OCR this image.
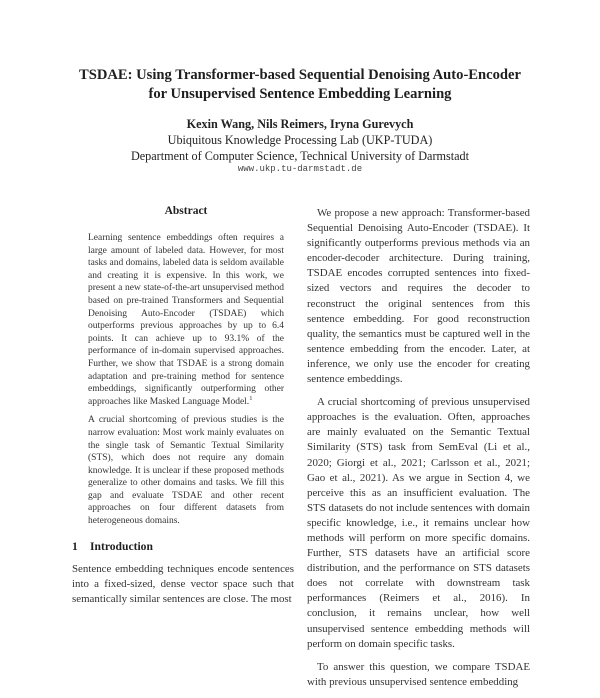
TSDAE: Using Transformer-based Sequential Denoising Auto-Encoder
for Unsupervised Sentence Embedding Learning
Kexin Wang, Nils Reimers, Iryna Gurevych
Ubiquitous Knowledge Processing Lab (UKP-TUDA)
Department of Computer Science, Technical University of Darmstadt
www.ukp.tu-darmstadt.de
Abstract

Learning sentence embeddings often requires a large amount of labeled data. However, for most tasks and domains, labeled data is seldom available and creating it is expensive. In this work, we present a new state-of-the-art unsupervised method based on pre-trained Transformers and Sequential Denoising Auto-Encoder (TSDAE) which outperforms previous approaches by up to 6.4 points. It can achieve up to 93.1% of the performance of in-domain supervised approaches. Further, we show that TSDAE is a strong domain adaptation and pre-training method for sentence embeddings, significantly outperforming other approaches like Masked Language Model.$^1$

A crucial shortcoming of previous studies is the narrow evaluation: Most work mainly evaluates on the single task of Semantic Textual Similarity (STS), which does not require any domain knowledge. It is unclear if these proposed methods generalize to other domains and tasks. We fill this gap and evaluate TSDAE and other recent approaches on four different datasets from heterogeneous domains.

1 Introduction
Sentence embedding techniques encode sentences into a fixed-sized, dense vector space such that semantically similar sentences are close. The most

We propose a new approach: Transformer-based Sequential Denoising Auto-Encoder (TSDAE). It significantly outperforms previous methods via an encoder-decoder architecture. During training, TSDAE encodes corrupted sentences into fixed-sized vectors and requires the decoder to reconstruct the original sentences from this sentence embedding. For good reconstruction quality, the semantics must be captured well in the sentence embedding from the encoder. Later, at inference, we only use the encoder for creating sentence embeddings.

A crucial shortcoming of previous unsupervised approaches is the evaluation. Often, approaches are mainly evaluated on the Semantic Textual Similarity (STS) task from SemEval (Li et al., 2020; Giorgi et al., 2021; Carlsson et al., 2021; Gao et al., 2021). As we argue in Section 4, we perceive this as an insufficient evaluation. The STS datasets do not include sentences with domain specific knowledge, i.e., it remains unclear how methods will perform on more specific domains. Further, STS datasets have an artificial score distribution, and the performance on STS datasets does not correlate with downstream task performances (Reimers et al., 2016). In conclusion, it remains unclear, how well unsupervised sentence embedding methods will perform on domain specific tasks.

To answer this question, we compare TSDAE with previous unsupervised sentence embedding
